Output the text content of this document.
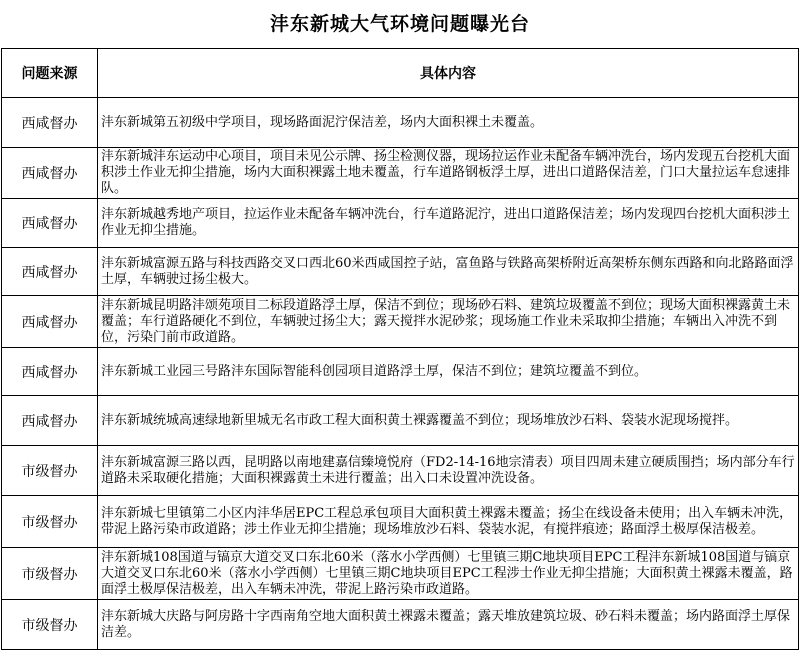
沣东新城大气环境问题曝光台
问题来源	具体内容
西咸督办	沣东新城第五初级中学项目，现场路面泥泞保洁差，场内大面积裸土未覆盖。

西咸督办	沣东新城沣东运动中心项目，项目未见公示牌、扬尘检测仪器，现场拉运作业未配备车辆冲洗台，场内发现五台挖机大面积涉土作业无抑尘措施，场内大面积裸露土地未覆盖，行车道路钢板浮土厚，进出口道路保洁差，门口大量拉运车怠速排队。

西咸督办	沣东新城越秀地产项目，拉运作业未配备车辆冲洗台，行车道路泥泞，进出口道路保洁差；场内发现四台挖机大面积涉土作业无抑尘措施。

西咸督办	沣东新城富源五路与科技西路交叉口西北60米西咸国控子站，富鱼路与铁路高架桥附近高架桥东侧东西路和向北路路面浮土厚，车辆驶过扬尘极大。

西咸督办	沣东新城昆明路沣颂苑项目二标段道路浮土厚，保洁不到位；现场砂石料、建筑垃圾覆盖不到位；现场大面积裸露黄土未覆盖；车行道路硬化不到位，车辆驶过扬尘大；露天搅拌水泥砂浆；现场施工作业未采取抑尘措施；车辆出入冲洗不到位，污染门前市政道路。

西咸督办	沣东新城工业园三号路沣东国际智能科创园项目道路浮土厚，保洁不到位；建筑垃覆盖不到位。

西咸督办	沣东新城统城高速绿地新里城无名市政工程大面积黄土裸露覆盖不到位；现场堆放沙石料、袋装水泥现场搅拌。

市级督办	沣东新城富源三路以西，昆明路以南地建嘉信臻境悦府（FD2-14-16地宗清表）项目四周未建立硬质围挡；场内部分车行道路未采取硬化措施；大面积裸露黄土未进行覆盖；出入口未设置冲洗设备。

市级督办	沣东新城七里镇第二小区内沣华居EPC工程总承包项目大面积黄土裸露未覆盖；扬尘在线设备未使用；出入车辆未冲洗，带泥上路污染市政道路；涉土作业无抑尘措施；现场堆放沙石料、袋装水泥，有搅拌痕迹；路面浮土极厚保洁极差。

市级督办	沣东新城108国道与镐京大道交叉口东北60米（落水小学西侧）七里镇三期C地块项目EPC工程沣东新城108国道与镐京大道交叉口东北60米（落水小学西侧）七里镇三期C地块项目EPC工程涉士作业无抑尘措施；大面积黄土裸露未覆盖，路面浮土极厚保洁极差，出入车辆未冲洗，带泥上路污染市政道路。

市级督办	沣东新城大庆路与阿房路十字西南角空地大面积黄土裸露未覆盖；露天堆放建筑垃圾、砂石料未覆盖；场内路面浮土厚保洁差。
